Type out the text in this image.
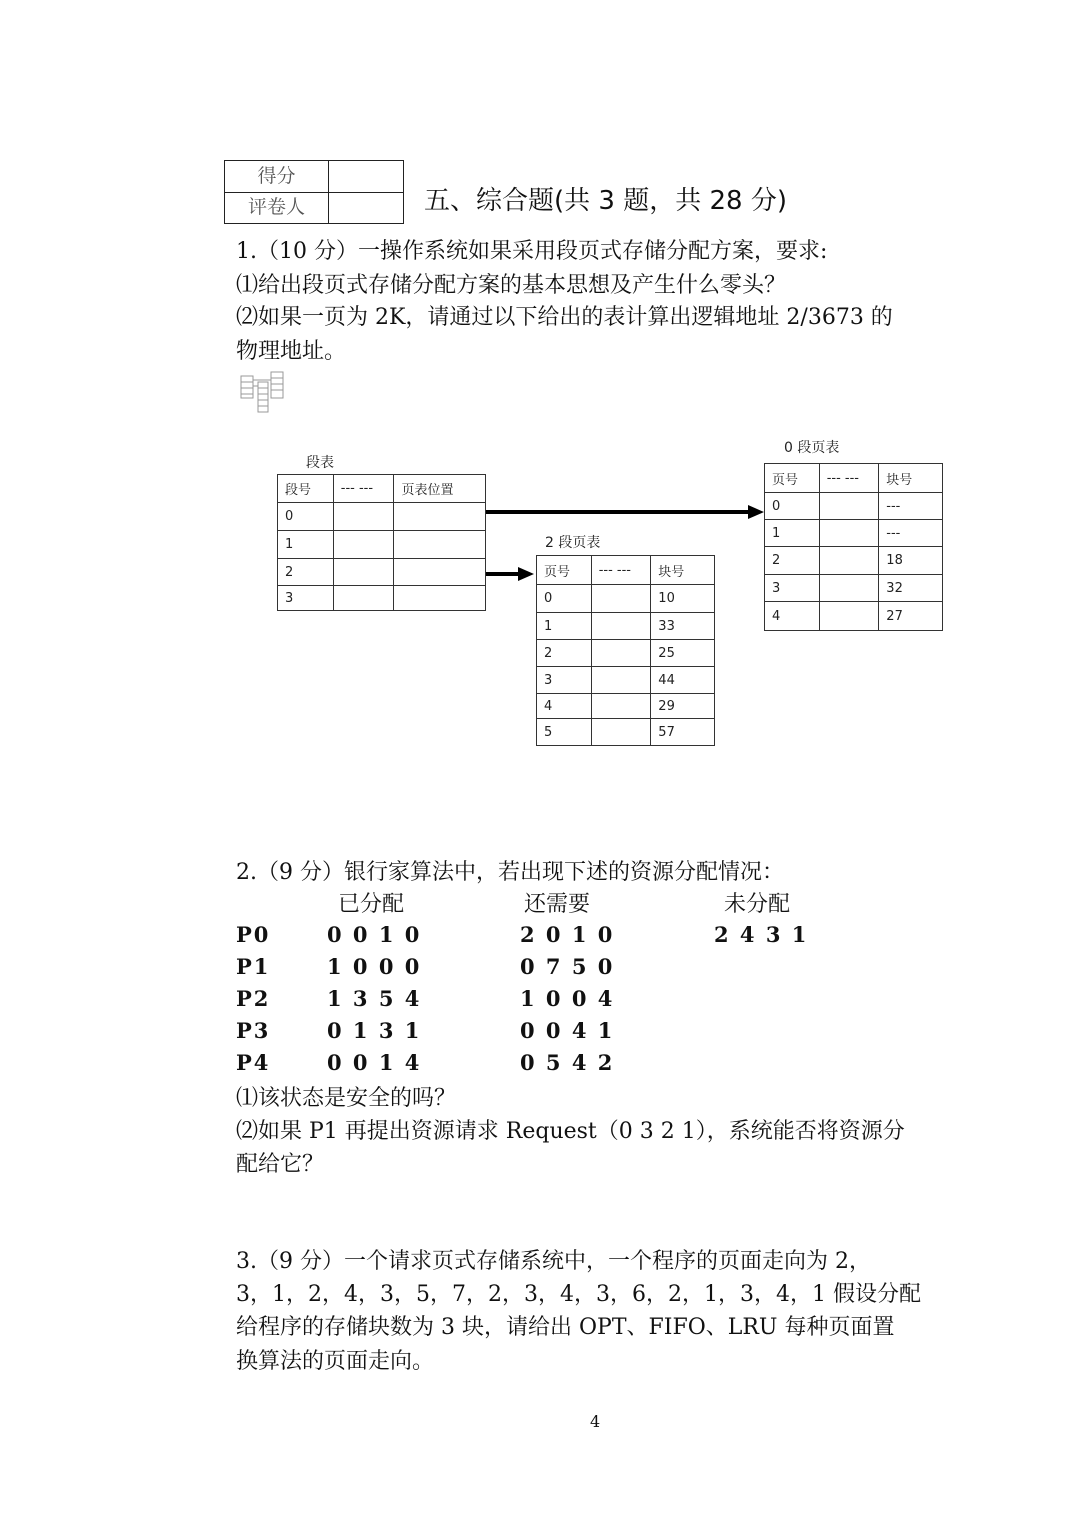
得分
评卷人	五、综合题(共 3 题，共 28 分)
1.（10 分）一操作系统如果采用段页式存储分配方案，要求:
⑴给出段页式存储分配方案的基本思想及产生什么零头？
⑵如果一页为 2K，请通过以下给出的表计算出逻辑地址 2/3673 的
物理地址。
段表
段号	--- ---	页表位置
0		
1		
2		
3		
0 段页表
页号	--- ---	块号
0		---
1		---
2		18
3		32
4		27
2 段页表
页号	--- ---	块号
0		10
1		33
2		25
3		44
4		29
5		57
2.（9 分）银行家算法中，若出现下述的资源分配情况：
已分配	还需要	未分配
P0	0 0 1 0	2 0 1 0	2 4 3 1
P1	1 0 0 0	0 7 5 0
P2	1 3 5 4	1 0 0 4
P3	0 1 3 1	0 0 4 1
P4	0 0 1 4	0 5 4 2
⑴该状态是安全的吗？
⑵如果 P1 再提出资源请求 Request（0 3 2 1），系统能否将资源分
配给它？
3.（9 分）一个请求页式存储系统中，一个程序的页面走向为 2，
3，1，2，4，3，5，7，2，3，4，3，6，2，1，3，4，1 假设分配
给程序的存储块数为 3 块，请给出 OPT、FIFO、LRU 每种页面置
换算法的页面走向。
4
